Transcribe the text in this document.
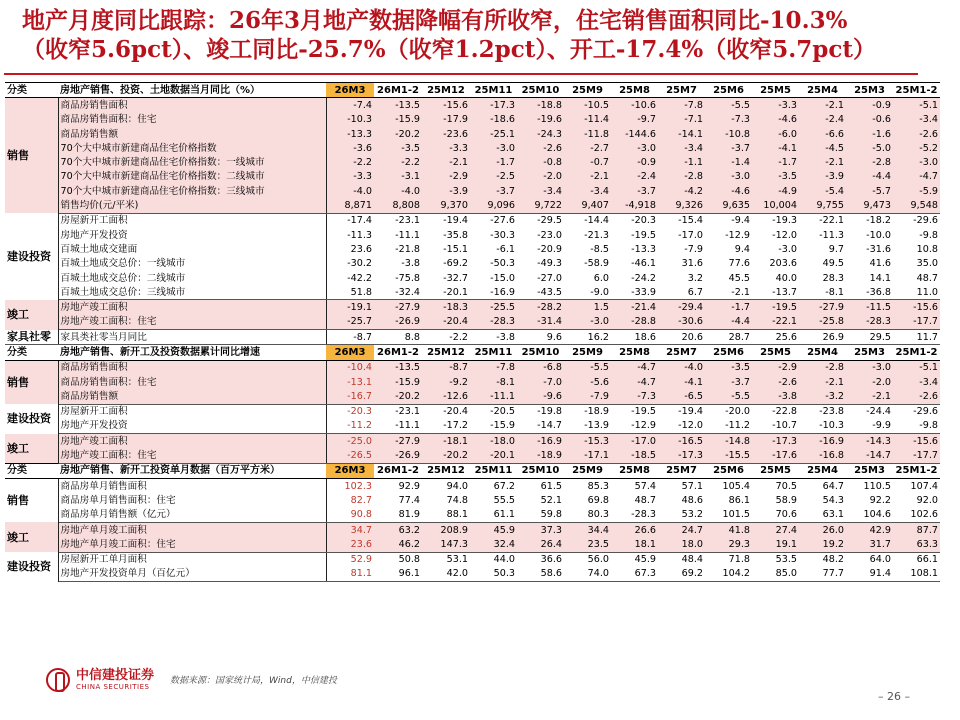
地产月度同比跟踪：26年3月地产数据降幅有所收窄，住宅销售面积同比-10.3%
（收窄5.6pct）、竣工同比-25.7%（收窄1.2pct）、开工-17.4%（收窄5.7pct）
分类	房地产销售、投资、土地数据当月同比（%）	26M3	26M1-2	25M12	25M11	25M10	25M9	25M8	25M7	25M6	25M5	25M4	25M3	25M1-2
销售	商品房销售面积	-7.4	-13.5	-15.6	-17.3	-18.8	-10.5	-10.6	-7.8	-5.5	-3.3	-2.1	-0.9	-5.1
	商品房销售面积：住宅	-10.3	-15.9	-17.9	-18.6	-19.6	-11.4	-9.7	-7.1	-7.3	-4.6	-2.4	-0.6	-3.4
	商品房销售额	-13.3	-20.2	-23.6	-25.1	-24.3	-11.8	-144.6	-14.1	-10.8	-6.0	-6.6	-1.6	-2.6
	70个大中城市新建商品住宅价格指数	-3.6	-3.5	-3.3	-3.0	-2.6	-2.7	-3.0	-3.4	-3.7	-4.1	-4.5	-5.0	-5.2
	70个大中城市新建商品住宅价格指数：一线城市	-2.2	-2.2	-2.1	-1.7	-0.8	-0.7	-0.9	-1.1	-1.4	-1.7	-2.1	-2.8	-3.0
	70个大中城市新建商品住宅价格指数：二线城市	-3.3	-3.1	-2.9	-2.5	-2.0	-2.1	-2.4	-2.8	-3.0	-3.5	-3.9	-4.4	-4.7
	70个大中城市新建商品住宅价格指数：三线城市	-4.0	-4.0	-3.9	-3.7	-3.4	-3.4	-3.7	-4.2	-4.6	-4.9	-5.4	-5.7	-5.9
	销售均价(元/平米)	8,871	8,808	9,370	9,096	9,722	9,407	-4,918	9,326	9,635	10,004	9,755	9,473	9,548
建设投资	房屋新开工面积	-17.4	-23.1	-19.4	-27.6	-29.5	-14.4	-20.3	-15.4	-9.4	-19.3	-22.1	-18.2	-29.6
	房地产开发投资	-11.3	-11.1	-35.8	-30.3	-23.0	-21.3	-19.5	-17.0	-12.9	-12.0	-11.3	-10.0	-9.8
	百城土地成交建面	23.6	-21.8	-15.1	-6.1	-20.9	-8.5	-13.3	-7.9	9.4	-3.0	9.7	-31.6	10.8
	百城土地成交总价：一线城市	-30.2	-3.8	-69.2	-50.3	-49.3	-58.9	-46.1	31.6	77.6	203.6	49.5	41.6	35.0
	百城土地成交总价：二线城市	-42.2	-75.8	-32.7	-15.0	-27.0	6.0	-24.2	3.2	45.5	40.0	28.3	14.1	48.7
	百城土地成交总价：三线城市	51.8	-32.4	-20.1	-16.9	-43.5	-9.0	-33.9	6.7	-2.1	-13.7	-8.1	-36.8	11.0
竣工	房地产竣工面积	-19.1	-27.9	-18.3	-25.5	-28.2	1.5	-21.4	-29.4	-1.7	-19.5	-27.9	-11.5	-15.6
	房地产竣工面积：住宅	-25.7	-26.9	-20.4	-28.3	-31.4	-3.0	-28.8	-30.6	-4.4	-22.1	-25.8	-28.3	-17.7
家具社零	家具类社零当月同比	-8.7	8.8	-2.2	-3.8	9.6	16.2	18.6	20.6	28.7	25.6	26.9	29.5	11.7
分类	房地产销售、新开工及投资数据累计同比增速	26M3	26M1-2	25M12	25M11	25M10	25M9	25M8	25M7	25M6	25M5	25M4	25M3	25M1-2
销售	商品房销售面积	-10.4	-13.5	-8.7	-7.8	-6.8	-5.5	-4.7	-4.0	-3.5	-2.9	-2.8	-3.0	-5.1
	商品房销售面积：住宅	-13.1	-15.9	-9.2	-8.1	-7.0	-5.6	-4.7	-4.1	-3.7	-2.6	-2.1	-2.0	-3.4
	商品房销售额	-16.7	-20.2	-12.6	-11.1	-9.6	-7.9	-7.3	-6.5	-5.5	-3.8	-3.2	-2.1	-2.6
建设投资	房屋新开工面积	-20.3	-23.1	-20.4	-20.5	-19.8	-18.9	-19.5	-19.4	-20.0	-22.8	-23.8	-24.4	-29.6
	房地产开发投资	-11.2	-11.1	-17.2	-15.9	-14.7	-13.9	-12.9	-12.0	-11.2	-10.7	-10.3	-9.9	-9.8
竣工	房地产竣工面积	-25.0	-27.9	-18.1	-18.0	-16.9	-15.3	-17.0	-16.5	-14.8	-17.3	-16.9	-14.3	-15.6
	房地产竣工面积：住宅	-26.5	-26.9	-20.2	-20.1	-18.9	-17.1	-18.5	-17.3	-15.5	-17.6	-16.8	-14.7	-17.7
分类	房地产销售、新开工投资单月数据（百万平方米）	26M3	26M1-2	25M12	25M11	25M10	25M9	25M8	25M7	25M6	25M5	25M4	25M3	25M1-2
销售	商品房单月销售面积	102.3	92.9	94.0	67.2	61.5	85.3	57.4	57.1	105.4	70.5	64.7	110.5	107.4
	商品房单月销售面积：住宅	82.7	77.4	74.8	55.5	52.1	69.8	48.7	48.6	86.1	58.9	54.3	92.2	92.0
	商品房单月销售额（亿元）	90.8	81.9	88.1	61.1	59.8	80.3	-28.3	53.2	101.5	70.6	63.1	104.6	102.6
竣工	房地产单月竣工面积	34.7	63.2	208.9	45.9	37.3	34.4	26.6	24.7	41.8	27.4	26.0	42.9	87.7
	房地产单月竣工面积：住宅	23.6	46.2	147.3	32.4	26.4	23.5	18.1	18.0	29.3	19.1	19.2	31.7	63.3
建设投资	房屋新开工单月面积	52.9	50.8	53.1	44.0	36.6	56.0	45.9	48.4	71.8	53.5	48.2	64.0	66.1
	房地产开发投资单月（百亿元）	81.1	96.1	42.0	50.3	58.6	74.0	67.3	69.2	104.2	85.0	77.7	91.4	108.1
中信建投证券
CHINA SECURITIES
数据来源：国家统计局，Wind，中信建投
– 26 –
